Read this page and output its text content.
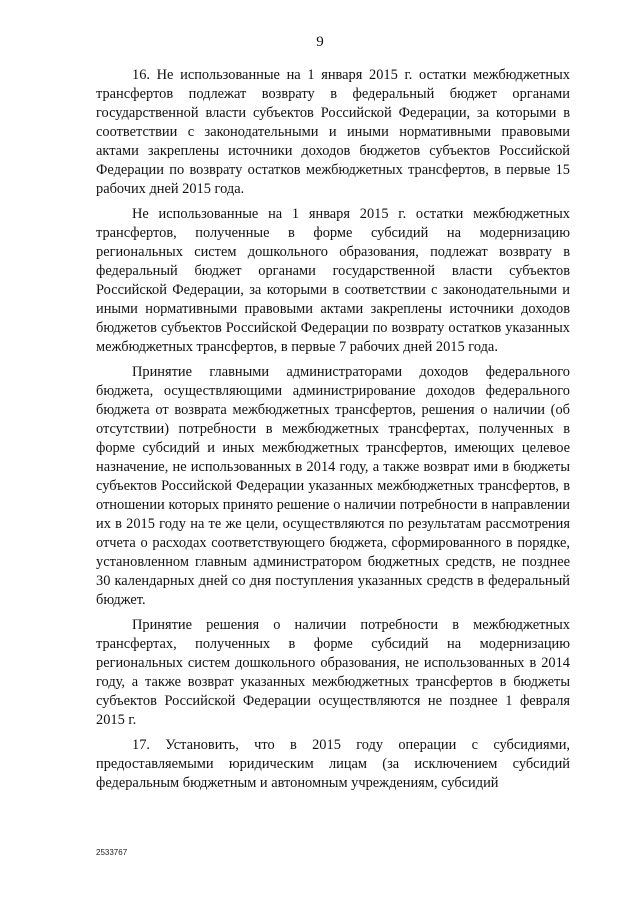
9

16. Не использованные на 1 января 2015 г. остатки межбюджетных трансфертов подлежат возврату в федеральный бюджет органами государственной власти субъектов Российской Федерации, за которыми в соответствии с законодательными и иными нормативными правовыми актами закреплены источники доходов бюджетов субъектов Российской Федерации по возврату остатков межбюджетных трансфертов, в первые 15 рабочих дней 2015 года.

Не использованные на 1 января 2015 г. остатки межбюджетных трансфертов, полученные в форме субсидий на модернизацию региональных систем дошкольного образования, подлежат возврату в федеральный бюджет органами государственной власти субъектов Российской Федерации, за которыми в соответствии с законодательными и иными нормативными правовыми актами закреплены источники доходов бюджетов субъектов Российской Федерации по возврату остатков указанных межбюджетных трансфертов, в первые 7 рабочих дней 2015 года.

Принятие главными администраторами доходов федерального бюджета, осуществляющими администрирование доходов федерального бюджета от возврата межбюджетных трансфертов, решения о наличии (об отсутствии) потребности в межбюджетных трансфертах, полученных в форме субсидий и иных межбюджетных трансфертов, имеющих целевое назначение, не использованных в 2014 году, а также возврат ими в бюджеты субъектов Российской Федерации указанных межбюджетных трансфертов, в отношении которых принято решение о наличии потребности в направлении их в 2015 году на те же цели, осуществляются по результатам рассмотрения отчета о расходах соответствующего бюджета, сформированного в порядке, установленном главным администратором бюджетных средств, не позднее 30 календарных дней со дня поступления указанных средств в федеральный бюджет.

Принятие решения о наличии потребности в межбюджетных трансфертах, полученных в форме субсидий на модернизацию региональных систем дошкольного образования, не использованных в 2014 году, а также возврат указанных межбюджетных трансфертов в бюджеты субъектов Российской Федерации осуществляются не позднее 1 февраля 2015 г.

17. Установить, что в 2015 году операции с субсидиями, предоставляемыми юридическим лицам (за исключением субсидий федеральным бюджетным и автономным учреждениям, субсидий

2533767
